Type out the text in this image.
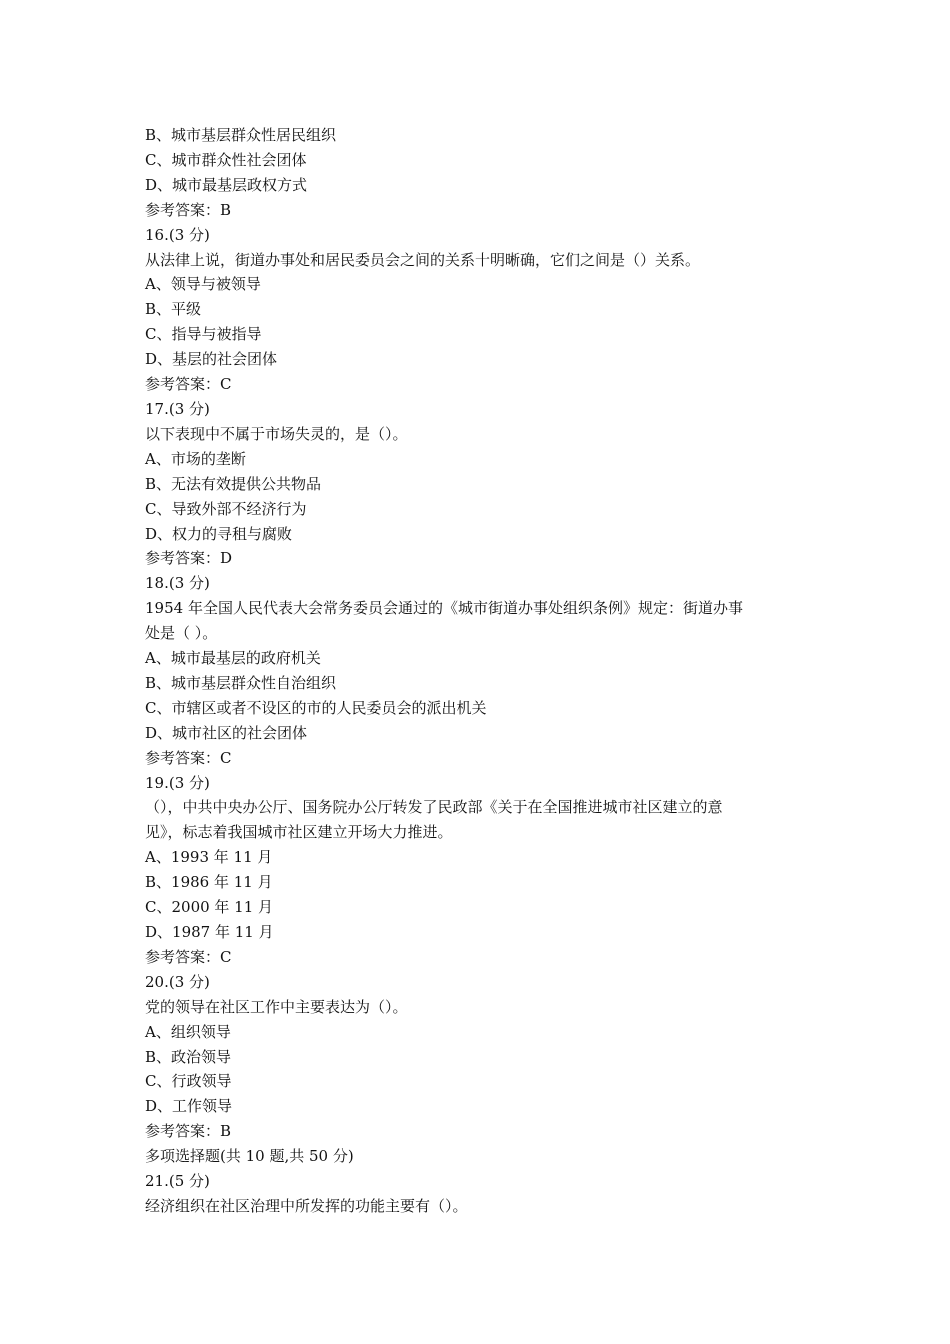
B、城市基层群众性居民组织
C、城市群众性社会团体
D、城市最基层政权方式
参考答案：B
16.(3 分)
从法律上说，街道办事处和居民委员会之间的关系十明晰确，它们之间是（）关系。
A、领导与被领导
B、平级
C、指导与被指导
D、基层的社会团体
参考答案：C
17.(3 分)
以下表现中不属于市场失灵的，是（）。
A、市场的垄断
B、无法有效提供公共物品
C、导致外部不经济行为
D、权力的寻租与腐败
参考答案：D
18.(3 分)
1954 年全国人民代表大会常务委员会通过的《城市街道办事处组织条例》规定：街道办事
处是（ ）。
A、城市最基层的政府机关
B、城市基层群众性自治组织
C、市辖区或者不设区的市的人民委员会的派出机关
D、城市社区的社会团体
参考答案：C
19.(3 分)
（），中共中央办公厅、国务院办公厅转发了民政部《关于在全国推进城市社区建立的意
见》，标志着我国城市社区建立开场大力推进。
A、1993 年 11 月
B、1986 年 11 月
C、2000 年 11 月
D、1987 年 11 月
参考答案：C
20.(3 分)
党的领导在社区工作中主要表达为（）。
A、组织领导
B、政治领导
C、行政领导
D、工作领导
参考答案：B
多项选择题(共 10 题,共 50 分)
21.(5 分)
经济组织在社区治理中所发挥的功能主要有（）。
